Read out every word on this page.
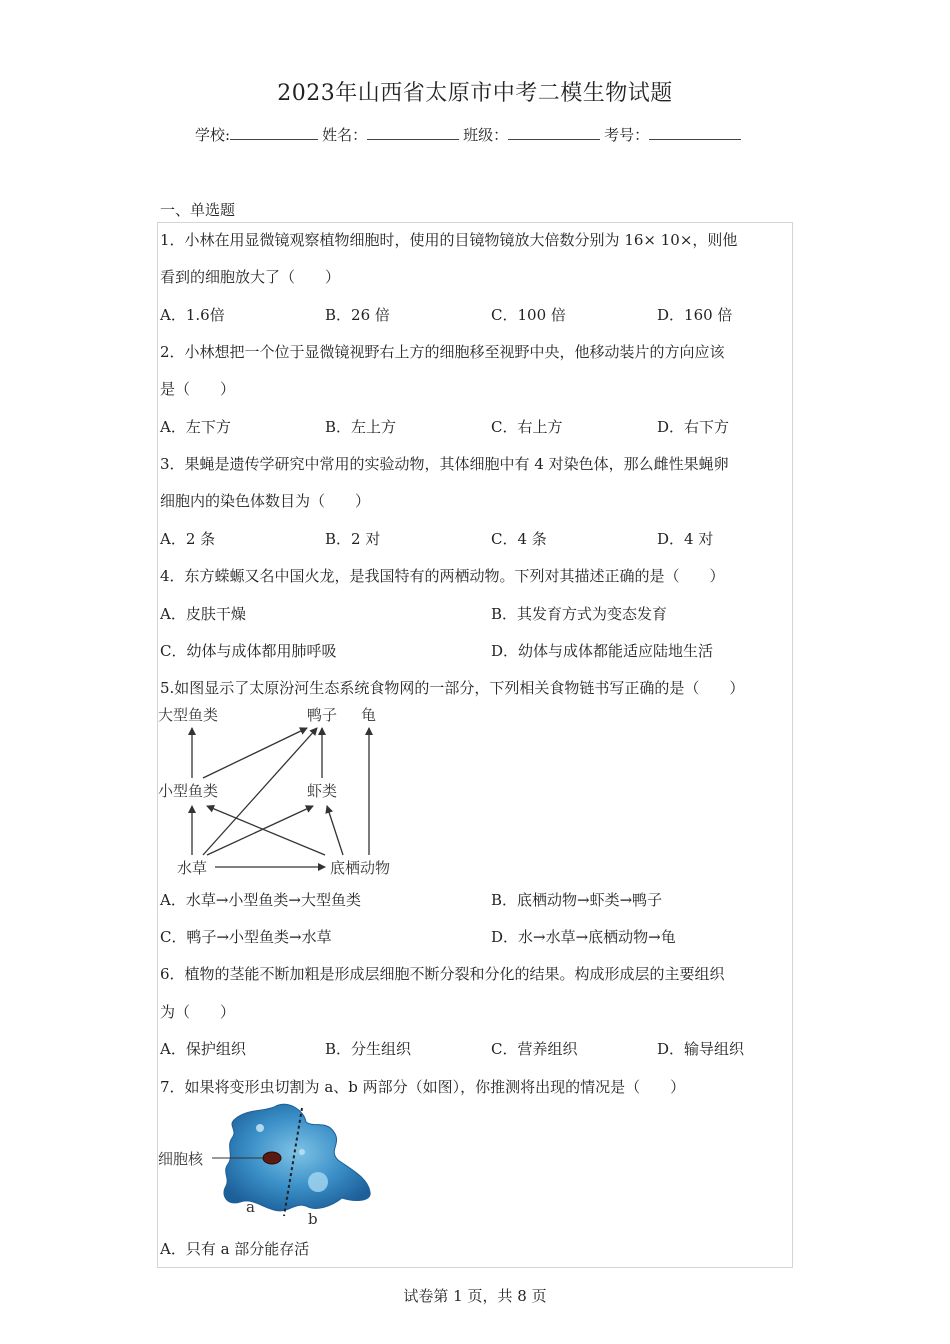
2023年山西省太原市中考二模生物试题
学校:	姓名：	班级：	考号：
一、单选题
1．小林在用显微镜观察植物细胞时，使用的目镜物镜放大倍数分别为 16× 10×，则他
看到的细胞放大了（　　）
A．1.6倍	B．26 倍	C．100 倍	D．160 倍
2．小林想把一个位于显微镜视野右上方的细胞移至视野中央，他移动装片的方向应该
是（　　）
A．左下方	B．左上方	C．右上方	D．右下方
3．果蝇是遗传学研究中常用的实验动物，其体细胞中有 4 对染色体，那么雌性果蝇卵
细胞内的染色体数目为（　　）
A．2 条	B．2 对	C．4 条	D．4 对
4．东方蝾螈又名中国火龙，是我国特有的两栖动物。下列对其描述正确的是（　　）
A．皮肤干燥	B．其发育方式为变态发育
C．幼体与成体都用肺呼吸	D．幼体与成体都能适应陆地生活
5.如图显示了太原汾河生态系统食物网的一部分，下列相关食物链书写正确的是（　　）
大型鱼类	鸭子 龟
小型鱼类	虾类
水草	底栖动物
A．水草→小型鱼类→大型鱼类	B．底栖动物→虾类→鸭子
C．鸭子→小型鱼类→水草	D．水→水草→底栖动物→龟
6．植物的茎能不断加粗是形成层细胞不断分裂和分化的结果。构成形成层的主要组织
为（　　）
A．保护组织	B．分生组织	C．营养组织	D．输导组织
7．如果将变形虫切割为 a、b 两部分（如图），你推测将出现的情况是（　　）
细胞核
a
b
A．只有 a 部分能存活
试卷第 1 页，共 8 页
